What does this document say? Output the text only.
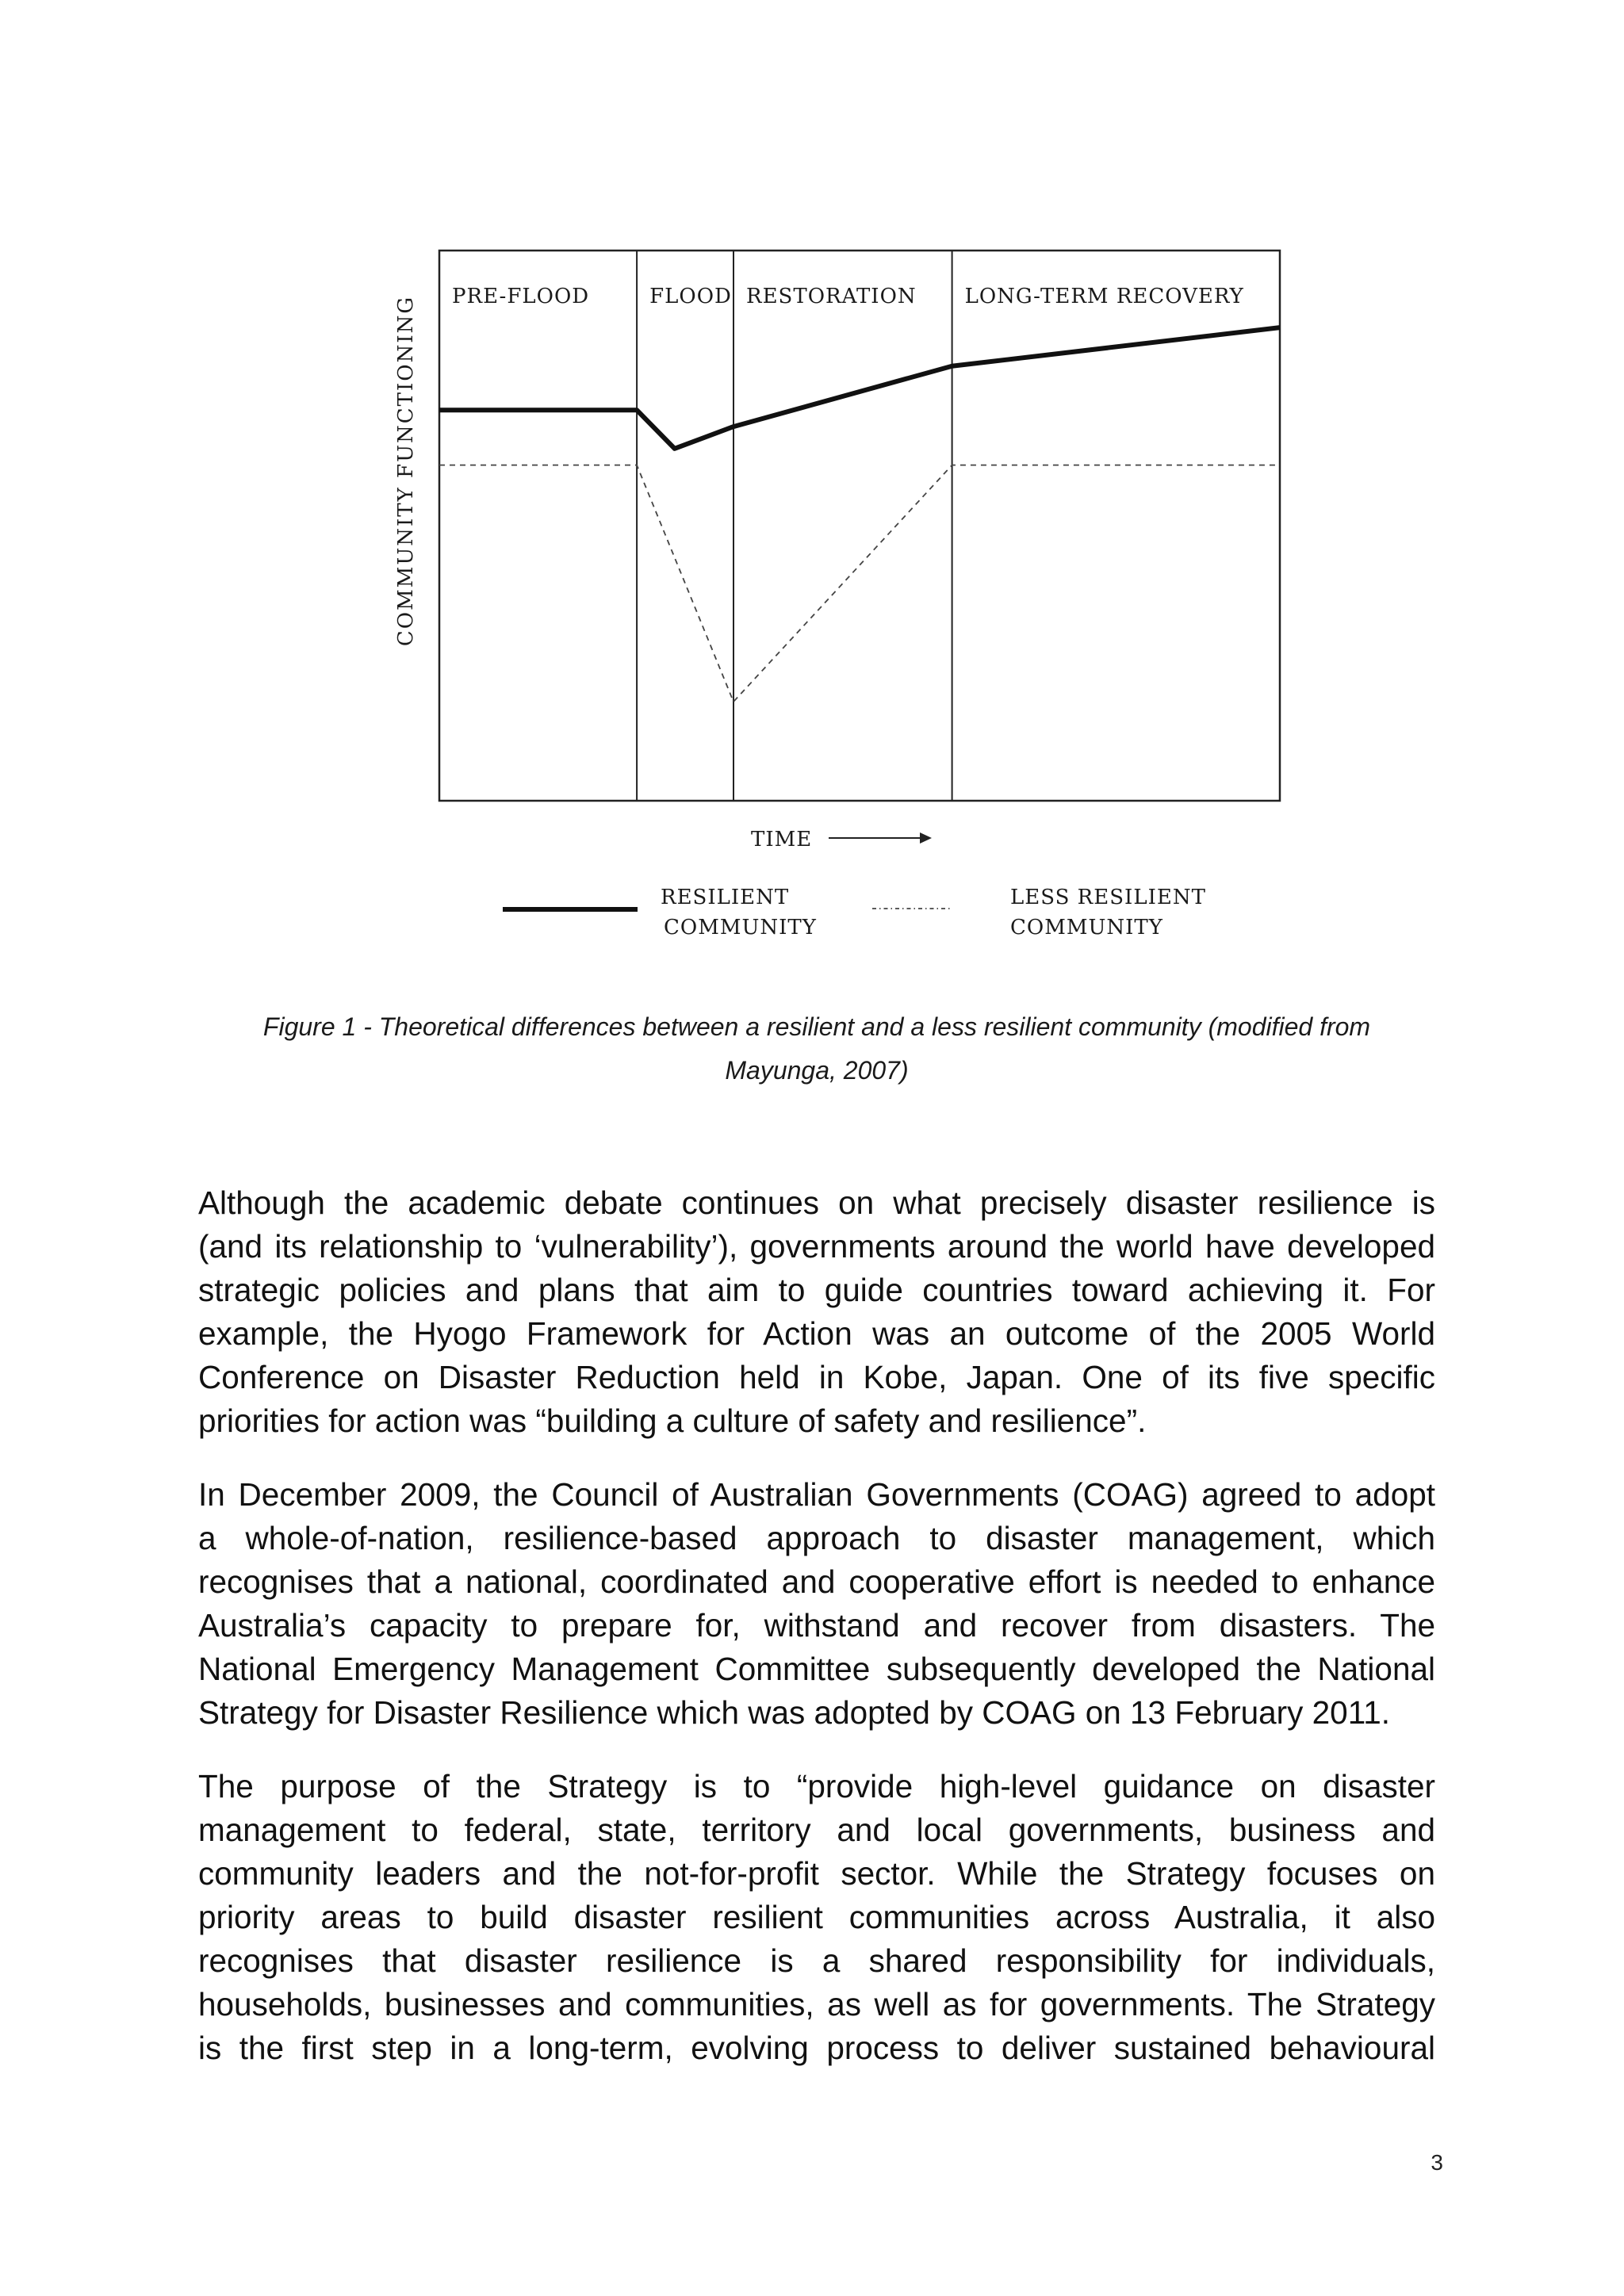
PRE-FLOOD	FLOOD RESTORATION LONG-TERM RECOVERY
COMMUNITY FUNCTIONING
TIME
RESILIENT
COMMUNITY
LESS RESILIENT
COMMUNITY
Figure 1 - Theoretical differences between a resilient and a less resilient community (modified from
Mayunga, 2007)
Although the academic debate continues on what precisely disaster resilience is
(and its relationship to ‘vulnerability’), governments around the world have developed
strategic policies and plans that aim to guide countries toward achieving it. For
example, the Hyogo Framework for Action was an outcome of the 2005 World
Conference on Disaster Reduction held in Kobe, Japan. One of its five specific
priorities for action was “building a culture of safety and resilience”.
In December 2009, the Council of Australian Governments (COAG) agreed to adopt
a whole-of-nation, resilience-based approach to disaster management, which
recognises that a national, coordinated and cooperative effort is needed to enhance
Australia’s capacity to prepare for, withstand and recover from disasters. The
National Emergency Management Committee subsequently developed the National
Strategy for Disaster Resilience which was adopted by COAG on 13 February 2011.
The purpose of the Strategy is to “provide high-level guidance on disaster
management to federal, state, territory and local governments, business and
community leaders and the not-for-profit sector. While the Strategy focuses on
priority areas to build disaster resilient communities across Australia, it also
recognises that disaster resilience is a shared responsibility for individuals,
households, businesses and communities, as well as for governments. The Strategy
is the first step in a long-term, evolving process to deliver sustained behavioural
3
